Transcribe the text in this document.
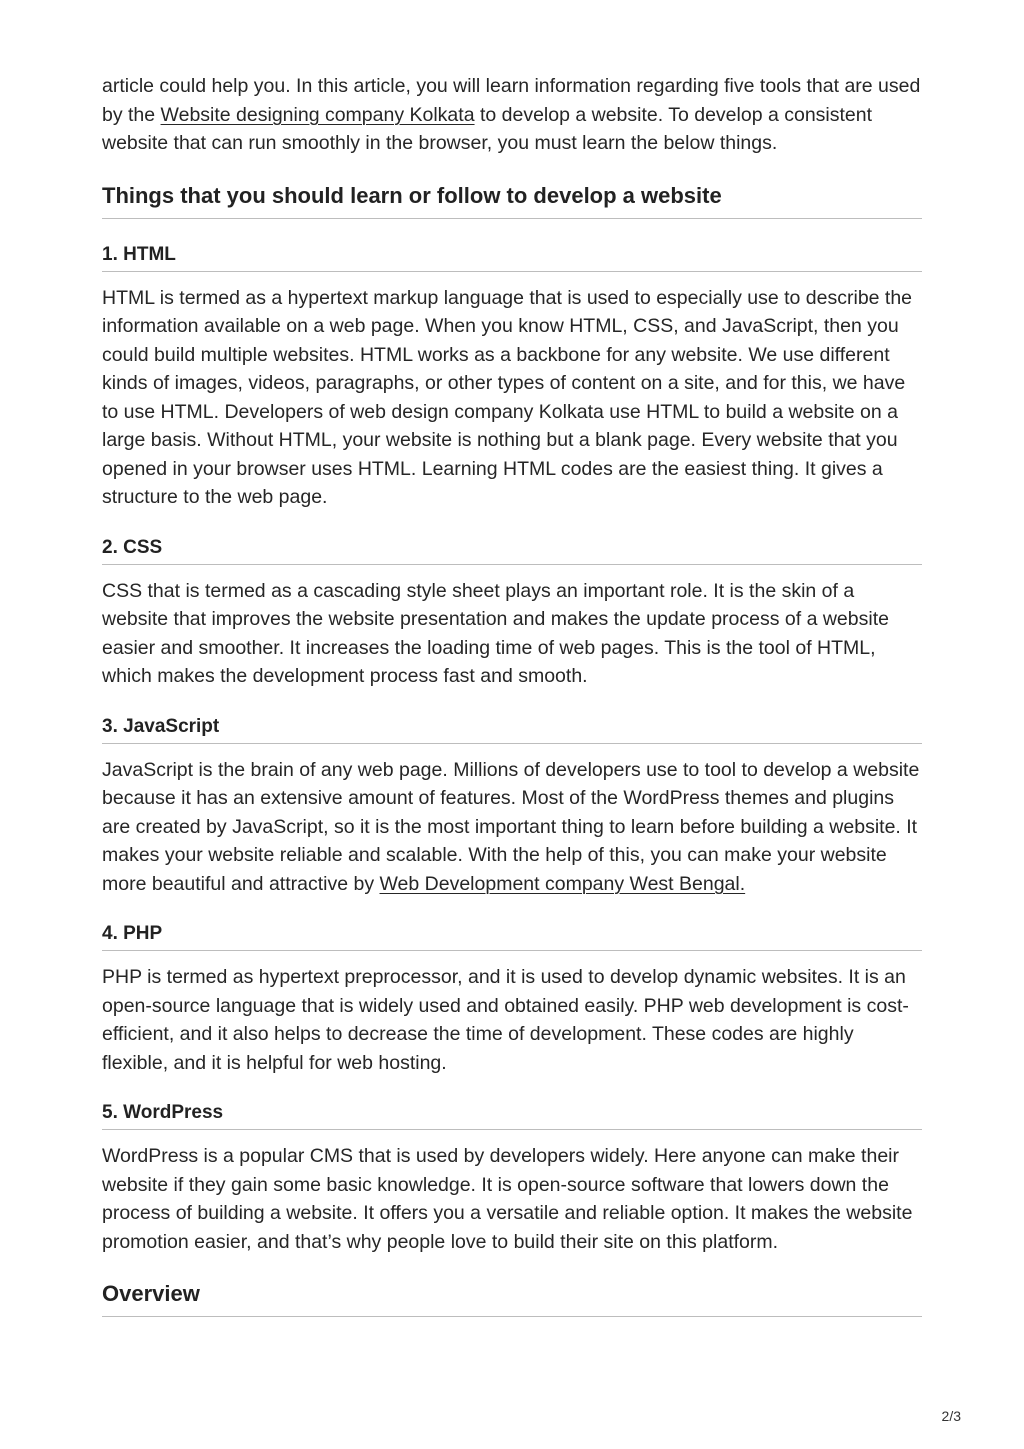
article could help you. In this article, you will learn information regarding five tools that are used by the Website designing company Kolkata to develop a website. To develop a consistent website that can run smoothly in the browser, you must learn the below things.

Things that you should learn or follow to develop a website
1. HTML

HTML is termed as a hypertext markup language that is used to especially use to describe the information available on a web page. When you know HTML, CSS, and JavaScript, then you could build multiple websites. HTML works as a backbone for any website. We use different kinds of images, videos, paragraphs, or other types of content on a site, and for this, we have to use HTML. Developers of web design company Kolkata use HTML to build a website on a large basis. Without HTML, your website is nothing but a blank page. Every website that you opened in your browser uses HTML. Learning HTML codes are the easiest thing. It gives a structure to the web page.

2. CSS

CSS that is termed as a cascading style sheet plays an important role. It is the skin of a website that improves the website presentation and makes the update process of a website easier and smoother. It increases the loading time of web pages. This is the tool of HTML, which makes the development process fast and smooth.

3. JavaScript

JavaScript is the brain of any web page. Millions of developers use to tool to develop a website because it has an extensive amount of features. Most of the WordPress themes and plugins are created by JavaScript, so it is the most important thing to learn before building a website. It makes your website reliable and scalable. With the help of this, you can make your website more beautiful and attractive by Web Development company West Bengal.

4. PHP

PHP is termed as hypertext preprocessor, and it is used to develop dynamic websites. It is an open-source language that is widely used and obtained easily. PHP web development is cost-efficient, and it also helps to decrease the time of development. These codes are highly flexible, and it is helpful for web hosting.

5. WordPress

WordPress is a popular CMS that is used by developers widely. Here anyone can make their website if they gain some basic knowledge. It is open-source software that lowers down the process of building a website. It offers you a versatile and reliable option. It makes the website promotion easier, and that’s why people love to build their site on this platform.

Overview
2/3
